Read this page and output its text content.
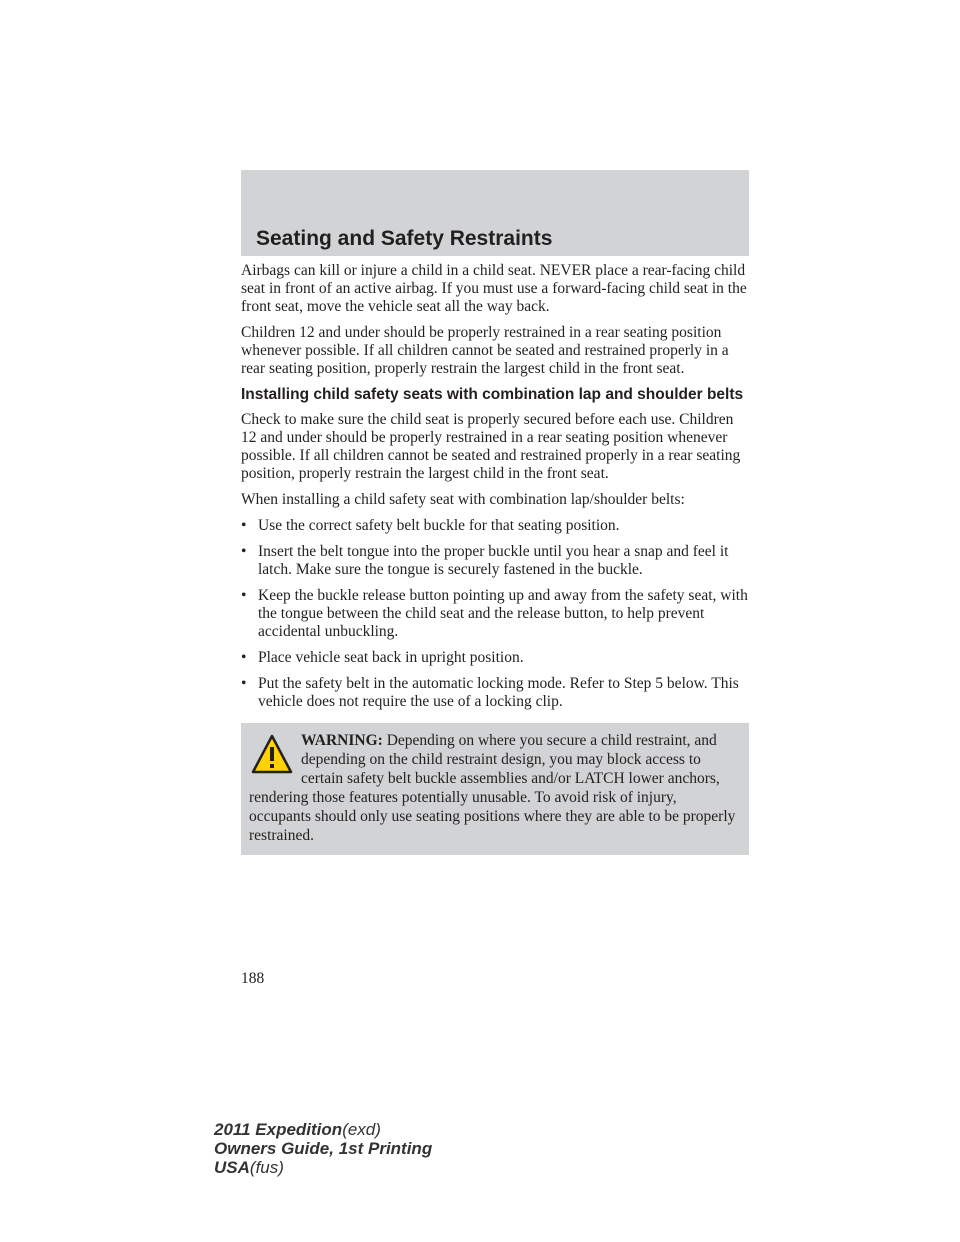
Seating and Safety Restraints

Airbags can kill or injure a child in a child seat. NEVER place a rear-facing child seat in front of an active airbag. If you must use a forward-facing child seat in the front seat, move the vehicle seat all the way back.

Children 12 and under should be properly restrained in a rear seating position whenever possible. If all children cannot be seated and restrained properly in a rear seating position, properly restrain the largest child in the front seat.

Installing child safety seats with combination lap and shoulder belts

Check to make sure the child seat is properly secured before each use. Children 12 and under should be properly restrained in a rear seating position whenever possible. If all children cannot be seated and restrained properly in a rear seating position, properly restrain the largest child in the front seat.

When installing a child safety seat with combination lap/shoulder belts:

• Use the correct safety belt buckle for that seating position.
• Insert the belt tongue into the proper buckle until you hear a snap and feel it latch. Make sure the tongue is securely fastened in the buckle.
• Keep the buckle release button pointing up and away from the safety seat, with the tongue between the child seat and the release button, to help prevent accidental unbuckling.
• Place vehicle seat back in upright position.
• Put the safety belt in the automatic locking mode. Refer to Step 5 below. This vehicle does not require the use of a locking clip.
WARNING: Depending on where you secure a child restraint, and depending on the child restraint design, you may block access to certain safety belt buckle assemblies and/or LATCH lower anchors, rendering those features potentially unusable. To avoid risk of injury, occupants should only use seating positions where they are able to be properly restrained.
188
2011 Expedition(exd)
Owners Guide, 1st Printing
USA(fus)
